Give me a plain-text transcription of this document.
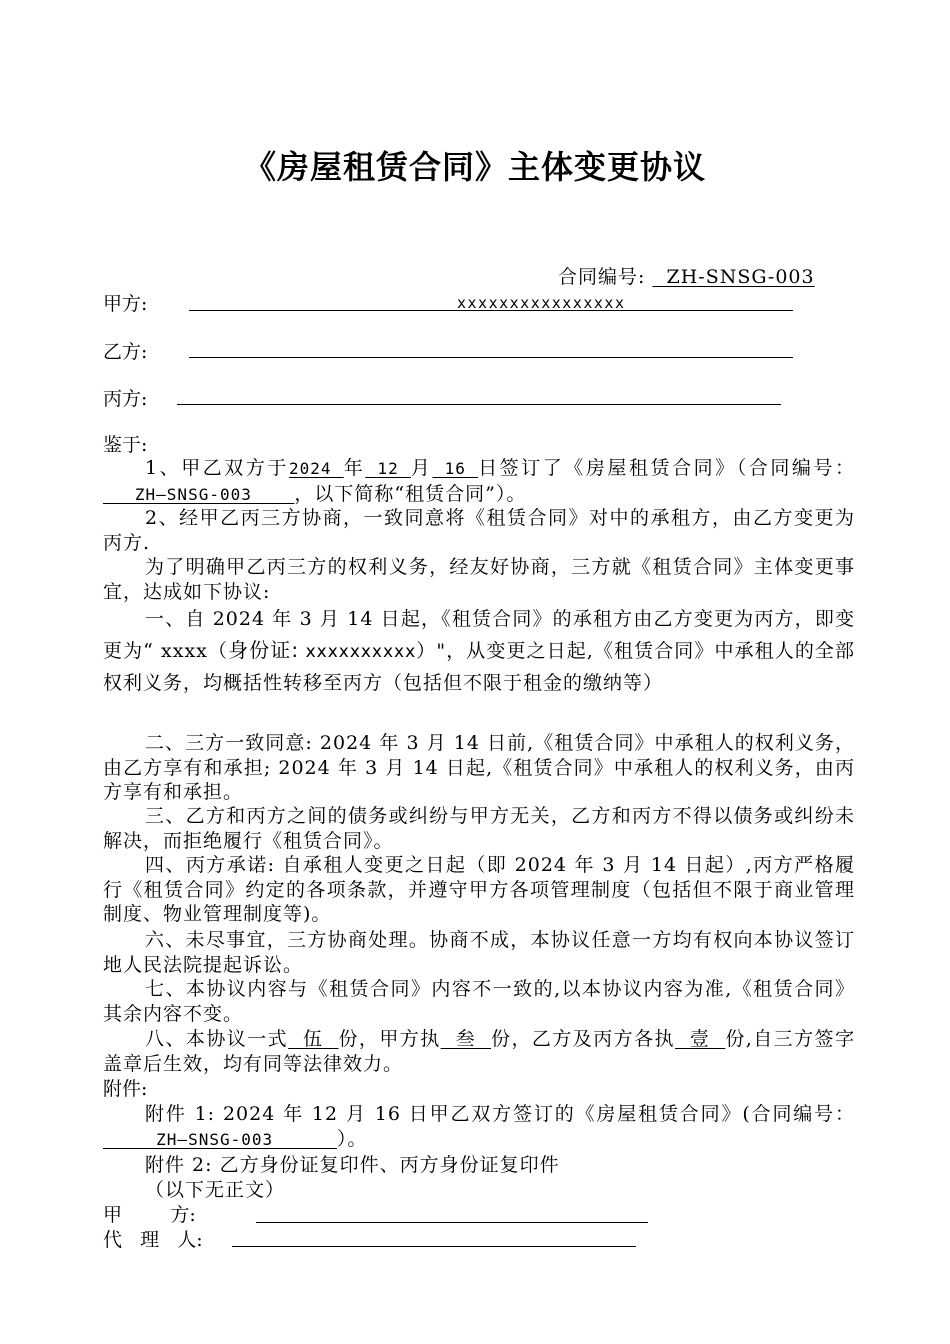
《房屋租赁合同》主体变更协议
合同编号:   ZH-SNSG-003
甲方:	xxxxxxxxxxxxxxxx
乙方:
丙方:
鉴于:
1、甲乙双方于2024 年 12 月 16 日签订了《房屋租赁合同》（合同编号：   ZH—SNSG-003    ，以下简称“租赁合同”）。
2、经甲乙丙三方协商，一致同意将《租赁合同》对中的承租方，由乙方变更为丙方.
为了明确甲乙丙三方的权利义务，经友好协商，三方就《租赁合同》主体变更事宜，达成如下协议:
一、自 2024 年 3 月 14 日起，《租赁合同》的承租方由乙方变更为丙方，即变更为“ xxxx（身份证: xxxxxxxxxx）"，从变更之日起,《租赁合同》中承租人的全部权利义务，均概括性转移至丙方（包括但不限于租金的缴纳等）
二、三方一致同意: 2024 年 3 月 14 日前,《租赁合同》中承租人的权利义务，由乙方享有和承担; 2024 年 3 月 14 日起,《租赁合同》中承租人的权利义务，由丙方享有和承担。
三、乙方和丙方之间的债务或纠纷与甲方无关，乙方和丙方不得以债务或纠纷未解决，而拒绝履行《租赁合同》。
四、丙方承诺: 自承租人变更之日起（即 2024 年 3 月 14 日起）,丙方严格履行《租赁合同》约定的各项条款，并遵守甲方各项管理制度（包括但不限于商业管理制度、物业管理制度等)。
六、未尽事宜，三方协商处理。协商不成，本协议任意一方均有权向本协议签订地人民法院提起诉讼。
七、本协议内容与《租赁合同》内容不一致的,以本协议内容为准,《租赁合同》其余内容不变。
八、本协议一式  伍  份，甲方执  叁  份，乙方及丙方各执  壹  份,自三方签字盖章后生效，均有同等法律效力。
附件:
附件 1: 2024 年 12 月 16 日甲乙双方签订的《房屋租赁合同》(合同编号：     ZH—SNSG-003      ）。
附件 2: 乙方身份证复印件、丙方身份证复印件
（以下无正文）
甲        方:
代   理   人:
